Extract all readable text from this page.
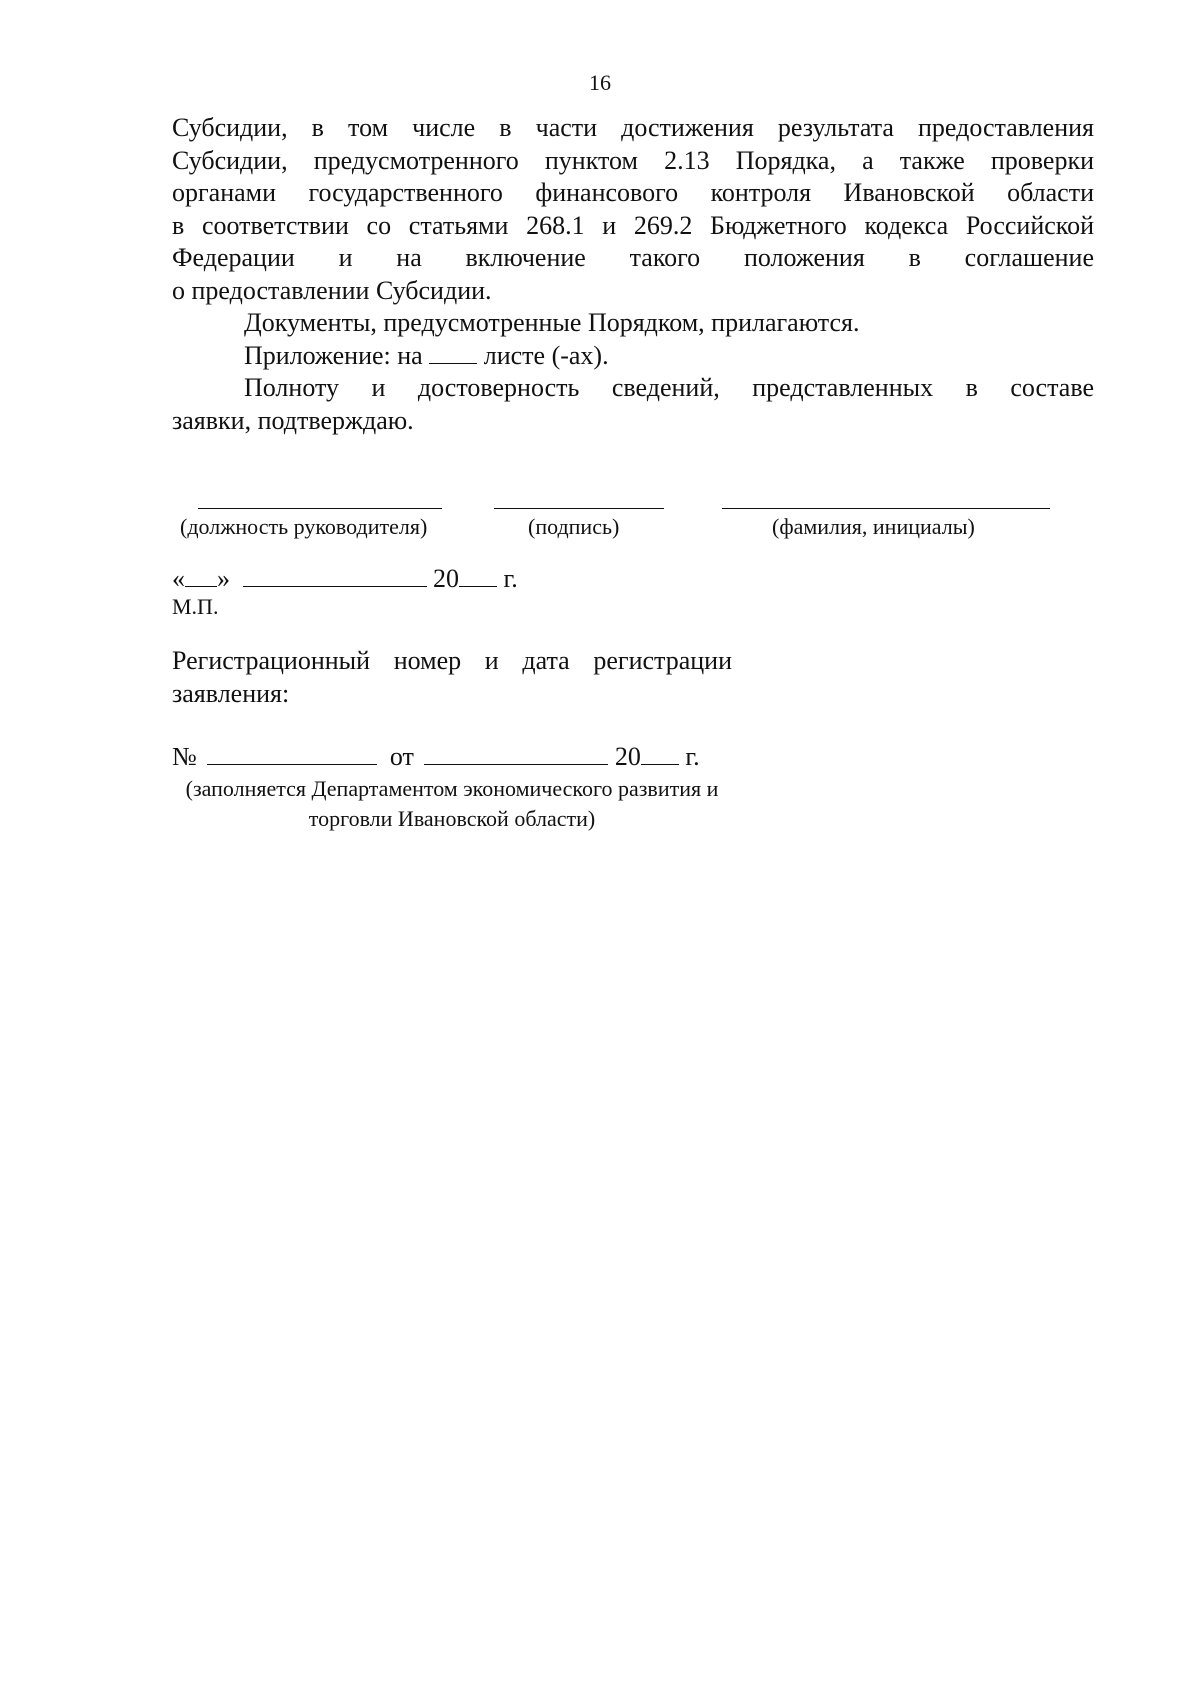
16
Субсидии, в том числе в части достижения результата предоставления
Субсидии, предусмотренного пунктом 2.13 Порядка, а также проверки
органами государственного финансового контроля Ивановской области
в соответствии со статьями 268.1 и 269.2 Бюджетного кодекса Российской
Федерации и на включение такого положения в соглашение
о предоставлении Субсидии.
Документы, предусмотренные Порядком, прилагаются.
Приложение: на листе (-ах).
Полноту и достоверность сведений, представленных в составе
заявки, подтверждаю.
(должность руководителя)	(подпись)	(фамилия, инициалы)
« »	20 г.
М.П.
Регистрационный номер и дата регистрации заявления:
№	от	20 г.
(заполняется Департаментом экономического развития и торговли Ивановской области)
